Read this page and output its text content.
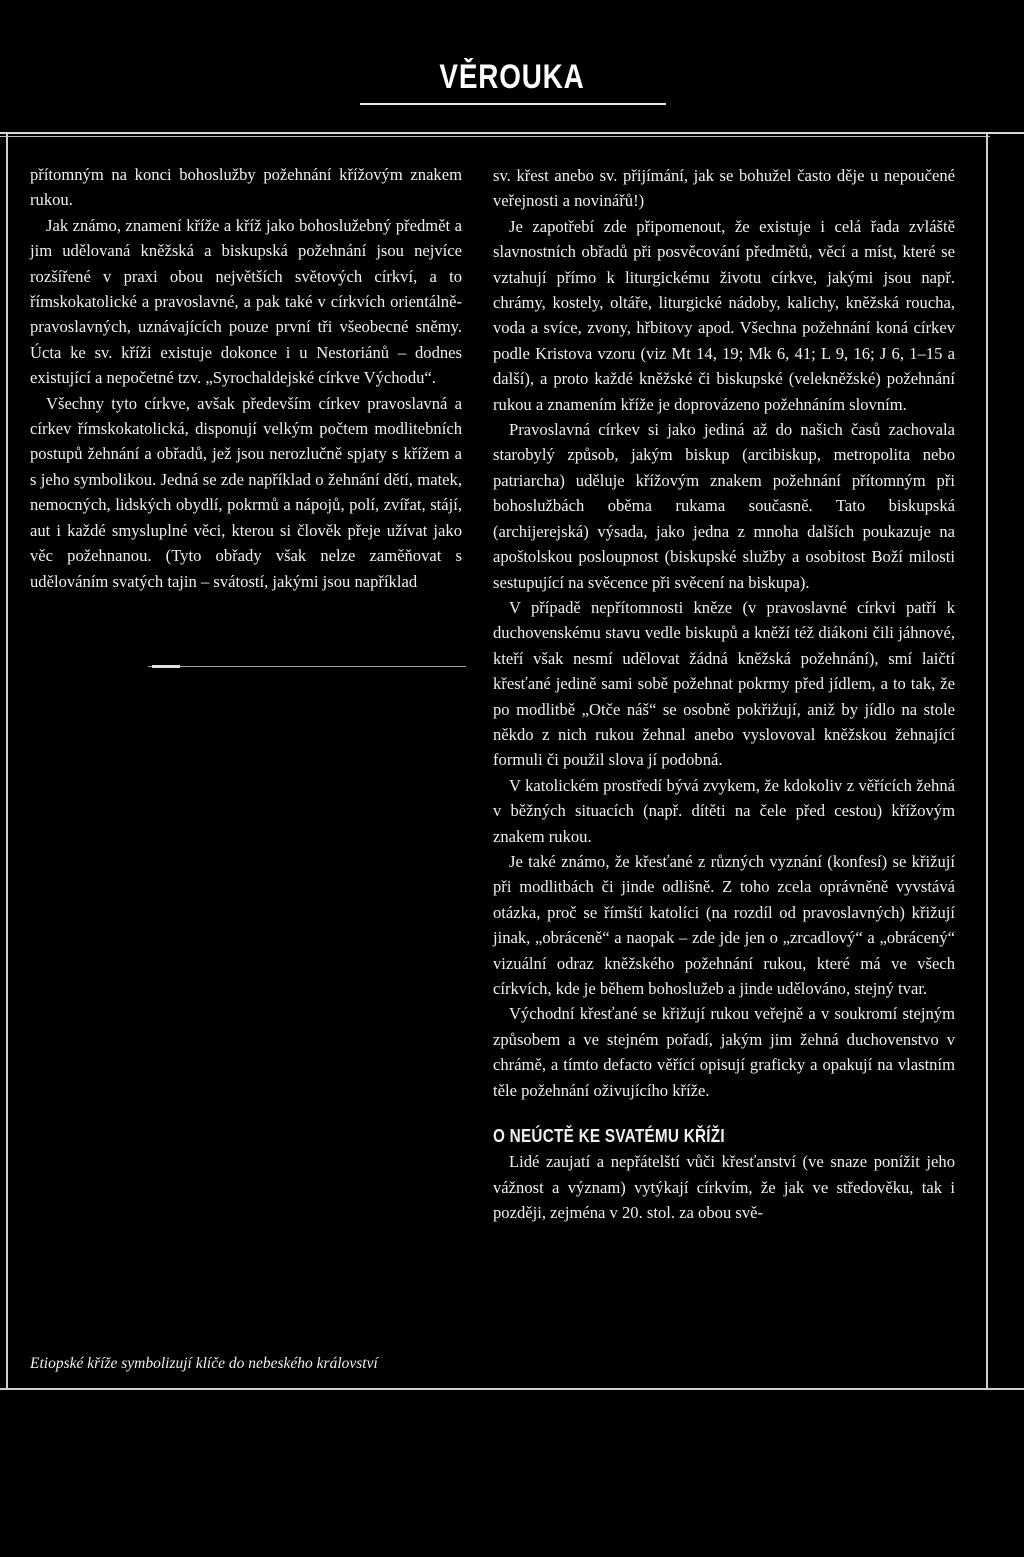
VĚROUKA

přítomným na konci bohoslužby požehnání křížovým znakem rukou.

Jak známo, znamení kříže a kříž jako bohoslužebný předmět a jim udělovaná kněžská a biskupská požehnání jsou nejvíce rozšířené v praxi obou největších světových církví, a to římskokatolické a pravoslavné, a pak také v církvích orientálně-pravoslavných, uznávajících pouze první tři všeobecné sněmy. Úcta ke sv. kříži existuje dokonce i u Nestoriánů – dodnes existující a nepočetné tzv. „Syrochaldejské církve Východu“.

Všechny tyto církve, avšak především církev pravoslavná a církev římskokatolická, disponují velkým počtem modlitebních postupů žehnání a obřadů, jež jsou nerozlučně spjaty s křížem a s jeho symbolikou. Jedná se zde například o žehnání dětí, matek, nemocných, lidských obydlí, pokrmů a nápojů, polí, zvířat, stájí, aut i každé smysluplné věci, kterou si člověk přeje užívat jako věc požehnanou. (Tyto obřady však nelze zaměňovat s udělováním svatých tajin – svátostí, jakými jsou například

Etiopské kříže symbolizují klíče do nebeského království

sv. křest anebo sv. přijímání, jak se bohužel často děje u nepoučené veřejnosti a novinářů!)

Je zapotřebí zde připomenout, že existuje i celá řada zvláště slavnostních obřadů při posvěcování předmětů, věcí a míst, které se vztahují přímo k liturgickému životu církve, jakými jsou např. chrámy, kostely, oltáře, liturgické nádoby, kalichy, kněžská roucha, voda a svíce, zvony, hřbitovy apod. Všechna požehnání koná církev podle Kristova vzoru (viz Mt 14, 19; Mk 6, 41; L 9, 16; J 6, 1–15 a další), a proto každé kněžské či biskupské (velekněžské) požehnání rukou a znamením kříže je doprovázeno požehnáním slovním.

Pravoslavná církev si jako jediná až do našich časů zachovala starobylý způsob, jakým biskup (arcibiskup, metropolita nebo patriarcha) uděluje křížovým znakem požehnání přítomným při bohoslužbách oběma rukama současně. Tato biskupská (archijerejská) výsada, jako jedna z mnoha dalších poukazuje na apoštolskou posloupnost (biskupské služby a osobitost Boží milosti sestupující na svěcence při svěcení na biskupa).

V případě nepřítomnosti kněze (v pravoslavné církvi patří k duchovenskému stavu vedle biskupů a kněží též diákoni čili jáhnové, kteří však nesmí udělovat žádná kněžská požehnání), smí laičtí křesťané jedině sami sobě požehnat pokrmy před jídlem, a to tak, že po modlitbě „Otče náš“ se osobně pokřižují, aniž by jídlo na stole někdo z nich rukou žehnal anebo vyslovoval kněžskou žehnající formuli či použil slova jí podobná.

V katolickém prostředí bývá zvykem, že kdokoliv z věřících žehná v běžných situacích (např. dítěti na čele před cestou) křížovým znakem rukou.

Je také známo, že křesťané z různých vyznání (konfesí) se křižují při modlitbách či jinde odlišně. Z toho zcela oprávněně vyvstává otázka, proč se římští katolíci (na rozdíl od pravoslavných) křižují jinak, „obráceně“ a naopak – zde jde jen o „zrcadlový“ a „obrácený“ vizuální odraz kněžského požehnání rukou, které má ve všech církvích, kde je během bohoslužeb a jinde udělováno, stejný tvar.

Východní křesťané se křižují rukou veřejně a v soukromí stejným způsobem a ve stejném pořadí, jakým jim žehná duchovenstvo v chrámě, a tímto defacto věřící opisují graficky a opakují na vlastním těle požehnání oživujícího kříže.

O NEÚCTĚ KE SVATÉMU KŘÍŽI

Lidé zaujatí a nepřátelští vůči křesťanství (ve snaze ponížit jeho vážnost a význam) vytýkají církvím, že jak ve středověku, tak i později, zejména v 20. stol. za obou svě-
